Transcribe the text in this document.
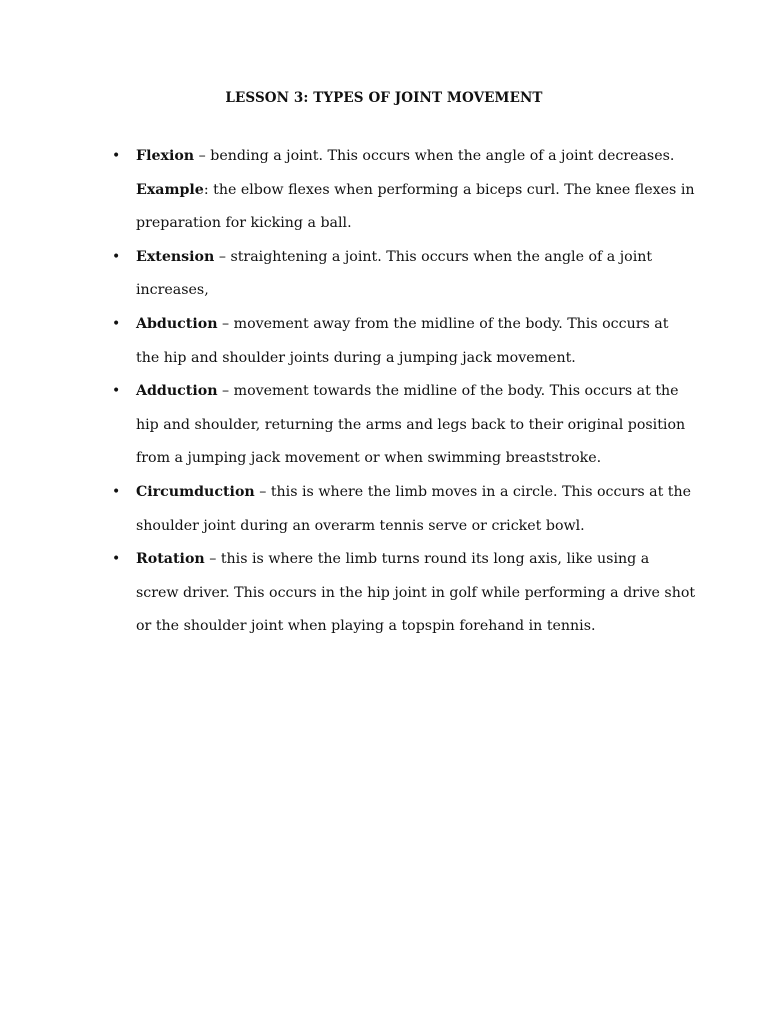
LESSON 3: TYPES OF JOINT MOVEMENT
• Flexion – bending a joint. This occurs when the angle of a joint decreases.
Example: the elbow flexes when performing a biceps curl. The knee flexes in preparation for kicking a ball.
• Extension – straightening a joint. This occurs when the angle of a joint increases,
• Abduction – movement away from the midline of the body. This occurs at the hip and shoulder joints during a jumping jack movement.
• Adduction – movement towards the midline of the body. This occurs at the hip and shoulder, returning the arms and legs back to their original position from a jumping jack movement or when swimming breaststroke.
• Circumduction – this is where the limb moves in a circle. This occurs at the shoulder joint during an overarm tennis serve or cricket bowl.
• Rotation – this is where the limb turns round its long axis, like using a screw driver. This occurs in the hip joint in golf while performing a drive shot or the shoulder joint when playing a topspin forehand in tennis.
